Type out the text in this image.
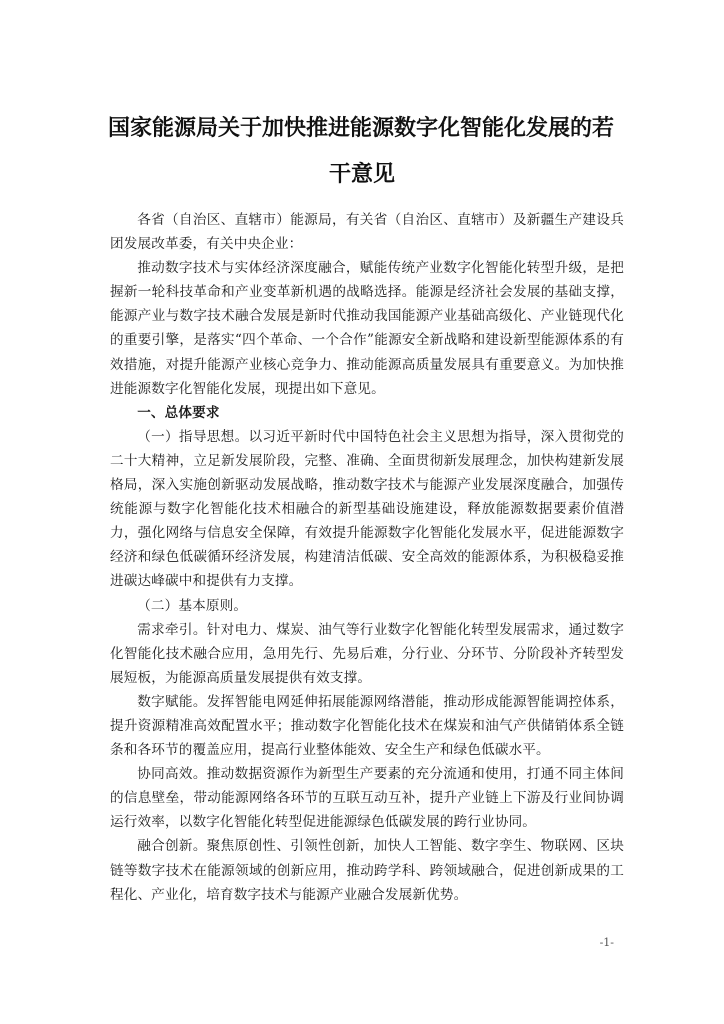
国家能源局关于加快推进能源数字化智能化发展的若
干意见

各省（自治区、直辖市）能源局，有关省（自治区、直辖市）及新疆生产建设兵团发展改革委，有关中央企业：

推动数字技术与实体经济深度融合，赋能传统产业数字化智能化转型升级，是把握新一轮科技革命和产业变革新机遇的战略选择。能源是经济社会发展的基础支撑，能源产业与数字技术融合发展是新时代推动我国能源产业基础高级化、产业链现代化的重要引擎，是落实“四个革命、一个合作”能源安全新战略和建设新型能源体系的有效措施，对提升能源产业核心竞争力、推动能源高质量发展具有重要意义。为加快推进能源数字化智能化发展，现提出如下意见。

一、总体要求

（一）指导思想。以习近平新时代中国特色社会主义思想为指导，深入贯彻党的二十大精神，立足新发展阶段，完整、准确、全面贯彻新发展理念，加快构建新发展格局，深入实施创新驱动发展战略，推动数字技术与能源产业发展深度融合，加强传统能源与数字化智能化技术相融合的新型基础设施建设，释放能源数据要素价值潜力，强化网络与信息安全保障，有效提升能源数字化智能化发展水平，促进能源数字经济和绿色低碳循环经济发展，构建清洁低碳、安全高效的能源体系，为积极稳妥推进碳达峰碳中和提供有力支撑。

（二）基本原则。

需求牵引。针对电力、煤炭、油气等行业数字化智能化转型发展需求，通过数字化智能化技术融合应用，急用先行、先易后难，分行业、分环节、分阶段补齐转型发展短板，为能源高质量发展提供有效支撑。

数字赋能。发挥智能电网延伸拓展能源网络潜能，推动形成能源智能调控体系，提升资源精准高效配置水平；推动数字化智能化技术在煤炭和油气产供储销体系全链条和各环节的覆盖应用，提高行业整体能效、安全生产和绿色低碳水平。

协同高效。推动数据资源作为新型生产要素的充分流通和使用，打通不同主体间的信息壁垒，带动能源网络各环节的互联互动互补，提升产业链上下游及行业间协调运行效率，以数字化智能化转型促进能源绿色低碳发展的跨行业协同。

融合创新。聚焦原创性、引领性创新，加快人工智能、数字孪生、物联网、区块链等数字技术在能源领域的创新应用，推动跨学科、跨领域融合，促进创新成果的工程化、产业化，培育数字技术与能源产业融合发展新优势。

-1-
